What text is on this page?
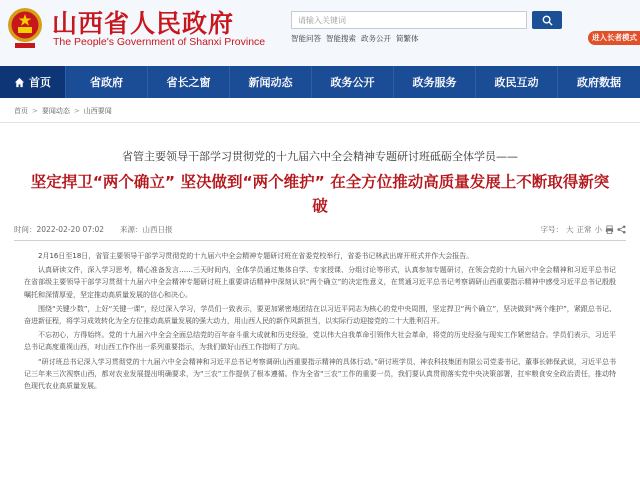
山西省人民政府
The People's Government of Shanxi Province
请输入关键词
智能问答 智能搜索 政务公开 简繁体	进入长者模式
首页	省政府	省长之窗	新闻动态	政务公开	政务服务	政民互动	政府数据
首页 > 要闻动态 > 山西要闻
省管主要领导干部学习贯彻党的十九届六中全会精神专题研讨班砥砺全体学员——
坚定捍卫“两个确立” 坚决做到“两个维护” 在全方位推动高质量发展上不断取得新突破
时间：2022-02-20 07:02 来源：山西日报	字号： 大 正常 小

2月16日至18日，省管主要领导干部学习贯彻党的十九届六中全会精神专题研讨班在省委党校举行，省委书记林武出席开班式并作大会报告。

认真研读文件，深入学习思考，精心准备发言……三天时间内，全体学员通过集体自学、专家授课、分组讨论等形式，认真参加专题研讨，在领会党的十九届六中全会精神和习近平总书记在省部级主要领导干部学习贯彻十九届六中全会精神专题研讨班上重要讲话精神中深刻认识“两个确立”的决定性意义，在贯通习近平总书记考察调研山西重要指示精神中感受习近平总书记殷殷嘱托和深情厚爱，坚定推动高质量发展的信心和决心。

围绕“关键少数”，上好“关键一课”，经过深入学习，学员们一致表示，要更加紧密地团结在以习近平同志为核心的党中央周围，坚定捍卫“两个确立”，坚决做到“两个维护”，紧跟总书记、奋进新征程，将学习成效转化为全方位推动高质量发展的强大动力，用山西人民的新作风新担当，以实际行动迎接党的二十大胜利召开。

不忘初心，方得始终。党的十九届六中全会全面总结党的百年奋斗重大成就和历史经验，党以伟大自我革命引领伟大社会革命，将党的历史经验与现实工作紧密结合。学员们表示，习近平总书记高度重视山西，对山西工作作出一系列重要指示，为我们做好山西工作指明了方向。

“研讨班总书记深入学习贯彻党的十九届六中全会精神和习近平总书记考察调研山西重要指示精神的具体行动。”研讨班学员、神农科技集团有限公司党委书记、董事长韩保武说，习近平总书记三年来三次视察山西，都对农业发展提出明确要求，为“三农”工作提供了根本遵循。作为全省“三农”工作的重要一员，我们要认真贯彻落实党中央决策部署，扛牢粮食安全政治责任，推动特色现代农业高质量发展。
